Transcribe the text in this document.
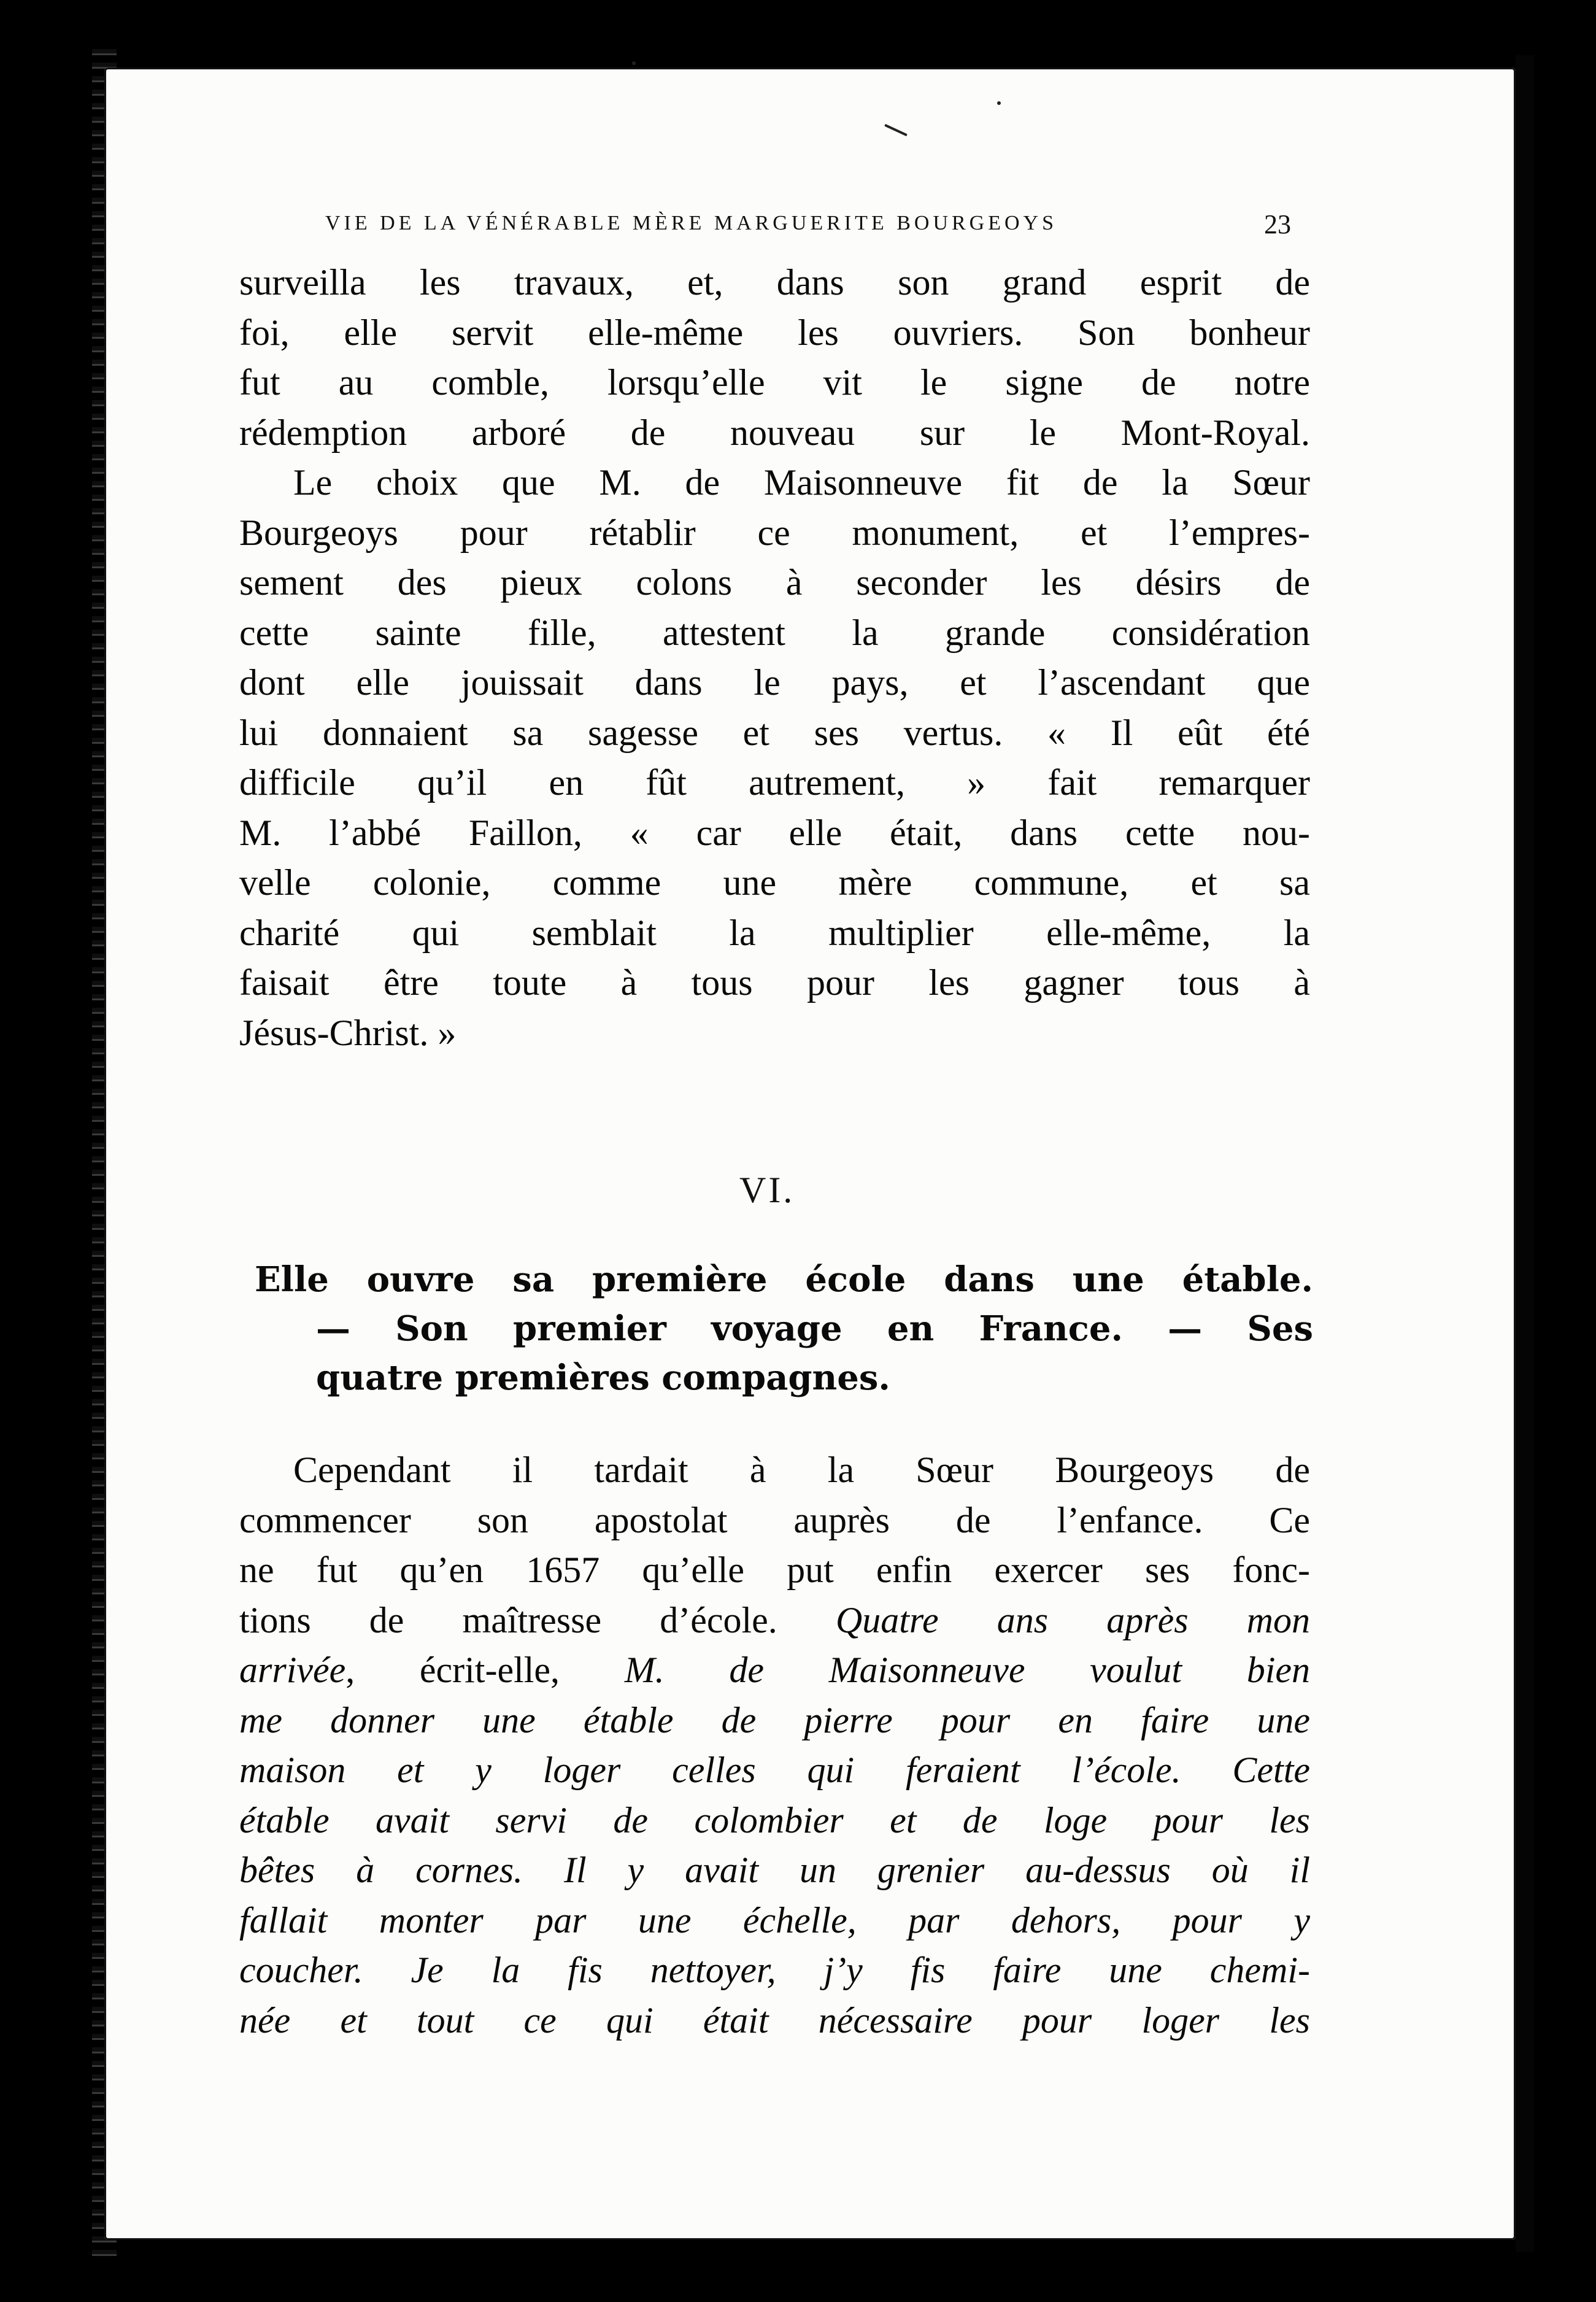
VIE DE LA VÉNÉRABLE MÈRE MARGUERITE BOURGEOYS	23
surveilla les travaux, et, dans son grand esprit de
foi, elle servit elle-même les ouvriers. Son bonheur
fut au comble, lorsqu’elle vit le signe de notre
rédemption arboré de nouveau sur le Mont-Royal.
Le choix que M. de Maisonneuve fit de la Sœur
Bourgeoys pour rétablir ce monument, et l’empres-
sement des pieux colons à seconder les désirs de
cette sainte fille, attestent la grande considération
dont elle jouissait dans le pays, et l’ascendant que
lui donnaient sa sagesse et ses vertus. « Il eût été
difficile qu’il en fût autrement, » fait remarquer
M. l’abbé Faillon, « car elle était, dans cette nou-
velle colonie, comme une mère commune, et sa
charité qui semblait la multiplier elle-même, la
faisait être toute à tous pour les gagner tous à
Jésus-Christ. »
VI.
Elle ouvre sa première école dans une étable.
— Son premier voyage en France. — Ses
quatre premières compagnes.
Cependant il tardait à la Sœur Bourgeoys de
commencer son apostolat auprès de l’enfance. Ce
ne fut qu’en 1657 qu’elle put enfin exercer ses fonc-
tions de maîtresse d’école. Quatre ans après mon
arrivée, écrit-elle, M. de Maisonneuve voulut bien
me donner une étable de pierre pour en faire une
maison et y loger celles qui feraient l’école. Cette
étable avait servi de colombier et de loge pour les
bêtes à cornes. Il y avait un grenier au-dessus où il
fallait monter par une échelle, par dehors, pour y
coucher. Je la fis nettoyer, j’y fis faire une chemi-
née et tout ce qui était nécessaire pour loger les
